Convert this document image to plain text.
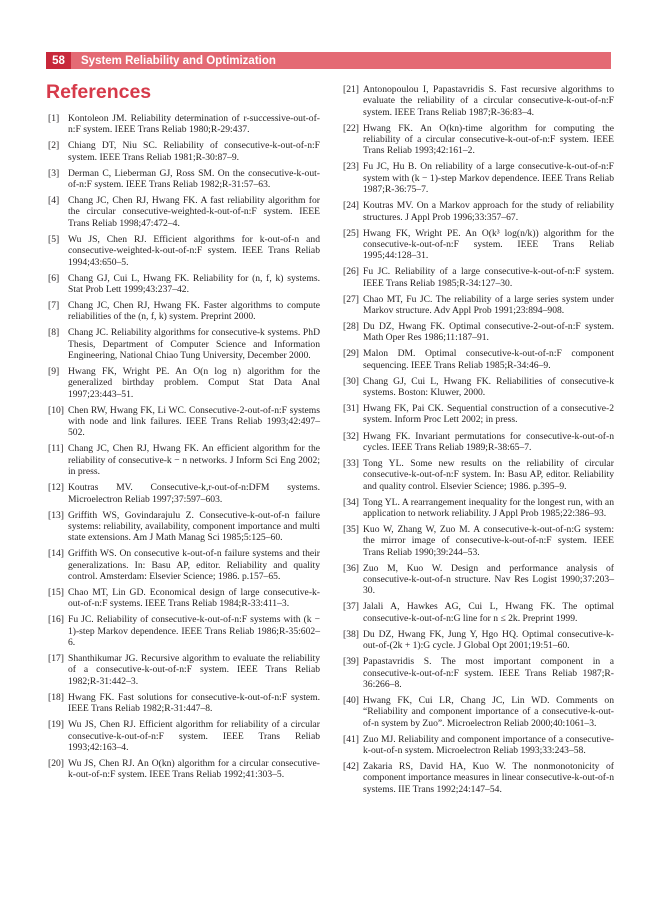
58	System Reliability and Optimization
References
[1] Kontoleon JM. Reliability determination of r-successive-out-of-n:F system. IEEE Trans Reliab 1980;R-29:437.
[2] Chiang DT, Niu SC. Reliability of consecutive-k-out-of-n:F system. IEEE Trans Reliab 1981;R-30:87–9.
[3] Derman C, Lieberman GJ, Ross SM. On the consecutive-k-out-of-n:F system. IEEE Trans Reliab 1982;R-31:57–63.
[4] Chang JC, Chen RJ, Hwang FK. A fast reliability algorithm for the circular consecutive-weighted-k-out-of-n:F system. IEEE Trans Reliab 1998;47:472–4.
[5] Wu JS, Chen RJ. Efficient algorithms for k-out-of-n and consecutive-weighted-k-out-of-n:F system. IEEE Trans Reliab 1994;43:650–5.
[6] Chang GJ, Cui L, Hwang FK. Reliability for (n, f, k) systems. Stat Prob Lett 1999;43:237–42.
[7] Chang JC, Chen RJ, Hwang FK. Faster algorithms to compute reliabilities of the (n, f, k) system. Preprint 2000.
[8] Chang JC. Reliability algorithms for consecutive-k systems. PhD Thesis, Department of Computer Science and Information Engineering, National Chiao Tung University, December 2000.
[9] Hwang FK, Wright PE. An O(n log n) algorithm for the generalized birthday problem. Comput Stat Data Anal 1997;23:443–51.
[10] Chen RW, Hwang FK, Li WC. Consecutive-2-out-of-n:F systems with node and link failures. IEEE Trans Reliab 1993;42:497–502.
[11] Chang JC, Chen RJ, Hwang FK. An efficient algorithm for the reliability of consecutive-k − n networks. J Inform Sci Eng 2002; in press.
[12] Koutras MV. Consecutive-k,r-out-of-n:DFM systems. Microelectron Reliab 1997;37:597–603.
[13] Griffith WS, Govindarajulu Z. Consecutive-k-out-of-n failure systems: reliability, availability, component importance and multi state extensions. Am J Math Manag Sci 1985;5:125–60.
[14] Griffith WS. On consecutive k-out-of-n failure systems and their generalizations. In: Basu AP, editor. Reliability and quality control. Amsterdam: Elsevier Science; 1986. p.157–65.
[15] Chao MT, Lin GD. Economical design of large consecutive-k-out-of-n:F systems. IEEE Trans Reliab 1984;R-33:411–3.
[16] Fu JC. Reliability of consecutive-k-out-of-n:F systems with (k − 1)-step Markov dependence. IEEE Trans Reliab 1986;R-35:602–6.
[17] Shanthikumar JG. Recursive algorithm to evaluate the reliability of a consecutive-k-out-of-n:F system. IEEE Trans Reliab 1982;R-31:442–3.
[18] Hwang FK. Fast solutions for consecutive-k-out-of-n:F system. IEEE Trans Reliab 1982;R-31:447–8.
[19] Wu JS, Chen RJ. Efficient algorithm for reliability of a circular consecutive-k-out-of-n:F system. IEEE Trans Reliab 1993;42:163–4.
[20] Wu JS, Chen RJ. An O(kn) algorithm for a circular consecutive-k-out-of-n:F system. IEEE Trans Reliab 1992;41:303–5.
[21] Antonopoulou I, Papastavridis S. Fast recursive algorithms to evaluate the reliability of a circular consecutive-k-out-of-n:F system. IEEE Trans Reliab 1987;R-36:83–4.
[22] Hwang FK. An O(kn)-time algorithm for computing the reliability of a circular consecutive-k-out-of-n:F system. IEEE Trans Reliab 1993;42:161–2.
[23] Fu JC, Hu B. On reliability of a large consecutive-k-out-of-n:F system with (k − 1)-step Markov dependence. IEEE Trans Reliab 1987;R-36:75–7.
[24] Koutras MV. On a Markov approach for the study of reliability structures. J Appl Prob 1996;33:357–67.
[25] Hwang FK, Wright PE. An O(k³ log(n/k)) algorithm for the consecutive-k-out-of-n:F system. IEEE Trans Reliab 1995;44:128–31.
[26] Fu JC. Reliability of a large consecutive-k-out-of-n:F system. IEEE Trans Reliab 1985;R-34:127–30.
[27] Chao MT, Fu JC. The reliability of a large series system under Markov structure. Adv Appl Prob 1991;23:894–908.
[28] Du DZ, Hwang FK. Optimal consecutive-2-out-of-n:F system. Math Oper Res 1986;11:187–91.
[29] Malon DM. Optimal consecutive-k-out-of-n:F component sequencing. IEEE Trans Reliab 1985;R-34:46–9.
[30] Chang GJ, Cui L, Hwang FK. Reliabilities of consecutive-k systems. Boston: Kluwer, 2000.
[31] Hwang FK, Pai CK. Sequential construction of a consecutive-2 system. Inform Proc Lett 2002; in press.
[32] Hwang FK. Invariant permutations for consecutive-k-out-of-n cycles. IEEE Trans Reliab 1989;R-38:65–7.
[33] Tong YL. Some new results on the reliability of circular consecutive-k-out-of-n:F system. In: Basu AP, editor. Reliability and quality control. Elsevier Science; 1986. p.395–9.
[34] Tong YL. A rearrangement inequality for the longest run, with an application to network reliability. J Appl Prob 1985;22:386–93.
[35] Kuo W, Zhang W, Zuo M. A consecutive-k-out-of-n:G system: the mirror image of consecutive-k-out-of-n:F system. IEEE Trans Reliab 1990;39:244–53.
[36] Zuo M, Kuo W. Design and performance analysis of consecutive-k-out-of-n structure. Nav Res Logist 1990;37:203–30.
[37] Jalali A, Hawkes AG, Cui L, Hwang FK. The optimal consecutive-k-out-of-n:G line for n ≤ 2k. Preprint 1999.
[38] Du DZ, Hwang FK, Jung Y, Hgo HQ. Optimal consecutive-k-out-of-(2k + 1):G cycle. J Global Opt 2001;19:51–60.
[39] Papastavridis S. The most important component in a consecutive-k-out-of-n:F system. IEEE Trans Reliab 1987;R-36:266–8.
[40] Hwang FK, Cui LR, Chang JC, Lin WD. Comments on “Reliability and component importance of a consecutive-k-out-of-n system by Zuo”. Microelectron Reliab 2000;40:1061–3.
[41] Zuo MJ. Reliability and component importance of a consecutive-k-out-of-n system. Microelectron Reliab 1993;33:243–58.
[42] Zakaria RS, David HA, Kuo W. The nonmonotonicity of component importance measures in linear consecutive-k-out-of-n systems. IIE Trans 1992;24:147–54.
